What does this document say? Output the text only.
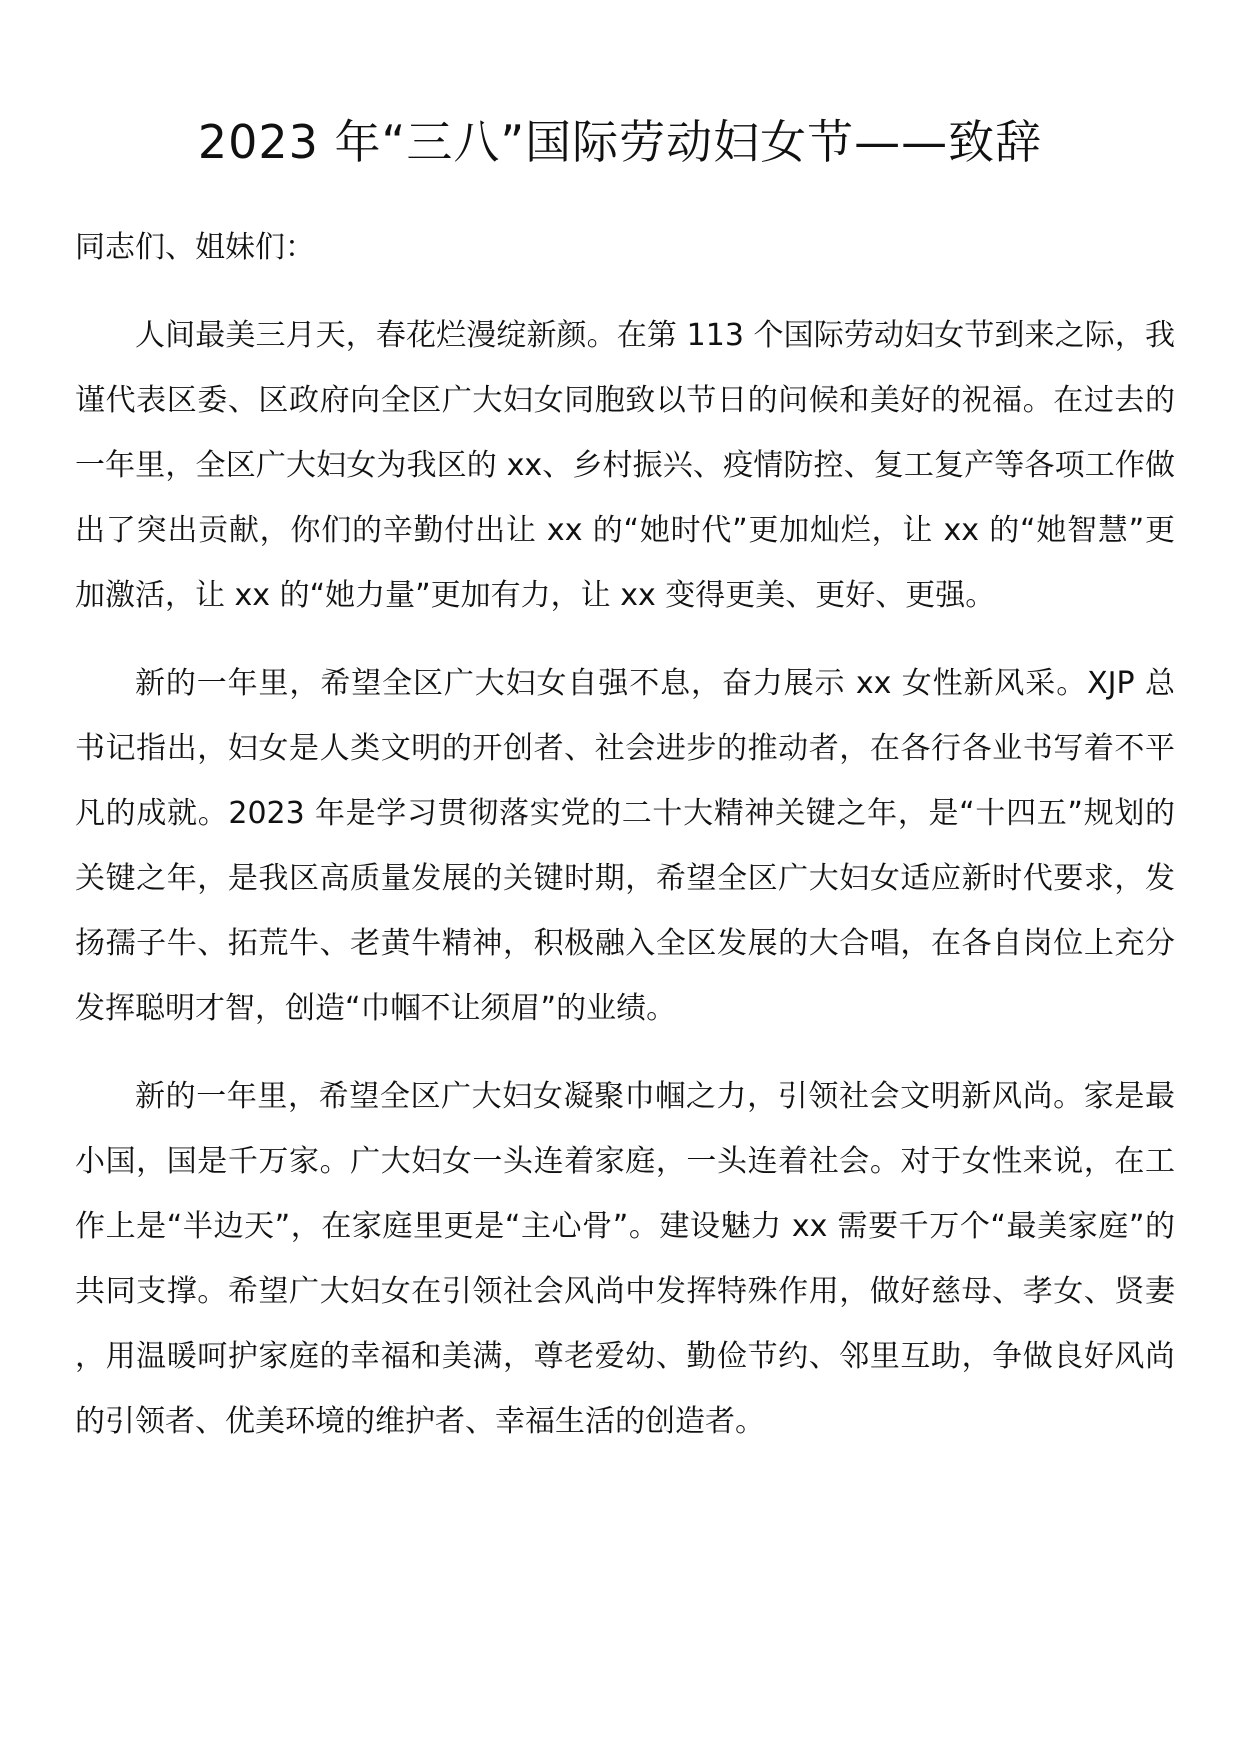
2023 年“三八”国际劳动妇女节——致辞

同志们、姐妹们：

人间最美三月天，春花烂漫绽新颜。在第 113 个国际劳动妇女节到来之际，我谨代表区委、区政府向全区广大妇女同胞致以节日的问候和美好的祝福。在过去的一年里，全区广大妇女为我区的 xx、乡村振兴、疫情防控、复工复产等各项工作做出了突出贡献，你们的辛勤付出让 xx 的“她时代”更加灿烂，让 xx 的“她智慧”更加激活，让 xx 的“她力量”更加有力，让 xx 变得更美、更好、更强。

新的一年里，希望全区广大妇女自强不息，奋力展示 xx 女性新风采。XJP 总书记指出，妇女是人类文明的开创者、社会进步的推动者，在各行各业书写着不平凡的成就。2023 年是学习贯彻落实党的二十大精神关键之年，是“十四五”规划的关键之年，是我区高质量发展的关键时期，希望全区广大妇女适应新时代要求，发扬孺子牛、拓荒牛、老黄牛精神，积极融入全区发展的大合唱，在各自岗位上充分发挥聪明才智，创造“巾帼不让须眉”的业绩。

新的一年里，希望全区广大妇女凝聚巾帼之力，引领社会文明新风尚。家是最小国，国是千万家。广大妇女一头连着家庭，一头连着社会。对于女性来说，在工作上是“半边天”，在家庭里更是“主心骨”。建设魅力 xx 需要千万个“最美家庭”的共同支撑。希望广大妇女在引领社会风尚中发挥特殊作用，做好慈母、孝女、贤妻，用温暖呵护家庭的幸福和美满，尊老爱幼、勤俭节约、邻里互助，争做良好风尚的引领者、优美环境的维护者、幸福生活的创造者。
